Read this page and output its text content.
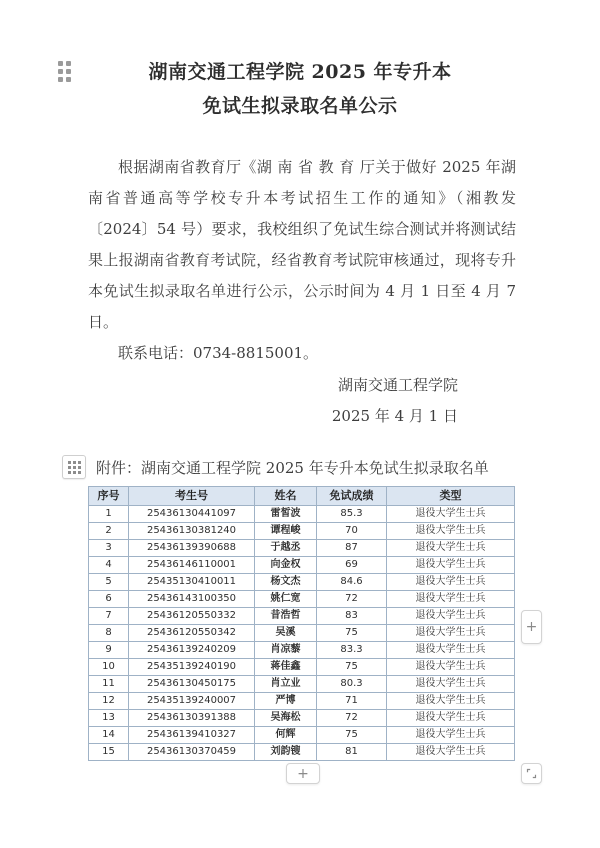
湖南交通工程学院 2025 年专升本
免试生拟录取名单公示

根据湖南省教育厅《湖 南 省 教 育 厅关于做好 2025 年湖南省普通高等学校专升本考试招生工作的通知》（湘教发〔2024〕54 号）要求，我校组织了免试生综合测试并将测试结果上报湖南省教育考试院，经省教育考试院审核通过，现将专升本免试生拟录取名单进行公示，公示时间为 4 月 1 日至 4 月 7 日。

联系电话：0734-8815001。

湖南交通工程学院
2025 年 4 月 1 日
附件：湖南交通工程学院 2025 年专升本免试生拟录取名单
序号	考生号	姓名	免试成绩	类型
1	25436130441097	雷皙波	85.3	退役大学生士兵
2	25436130381240	谭程峻	70	退役大学生士兵
3	25436139390688	于越丞	87	退役大学生士兵
4	25436146110001	向金权	69	退役大学生士兵
5	25435130410011	杨文杰	84.6	退役大学生士兵
6	25436143100350	姚仁宽	72	退役大学生士兵
7	25436120550332	昔浩哲	83	退役大学生士兵
8	25436120550342	吴溪	75	退役大学生士兵
9	25436139240209	肖凉藜	83.3	退役大学生士兵
10	25435139240190	蒋佳鑫	75	退役大学生士兵
11	25436130450175	肖立业	80.3	退役大学生士兵
12	25435139240007	严博	71	退役大学生士兵
13	25436130391388	吴海松	72	退役大学生士兵
14	25436139410327	何辉	75	退役大学生士兵
15	25436130370459	刘韵锼	81	退役大学生士兵
+
+
